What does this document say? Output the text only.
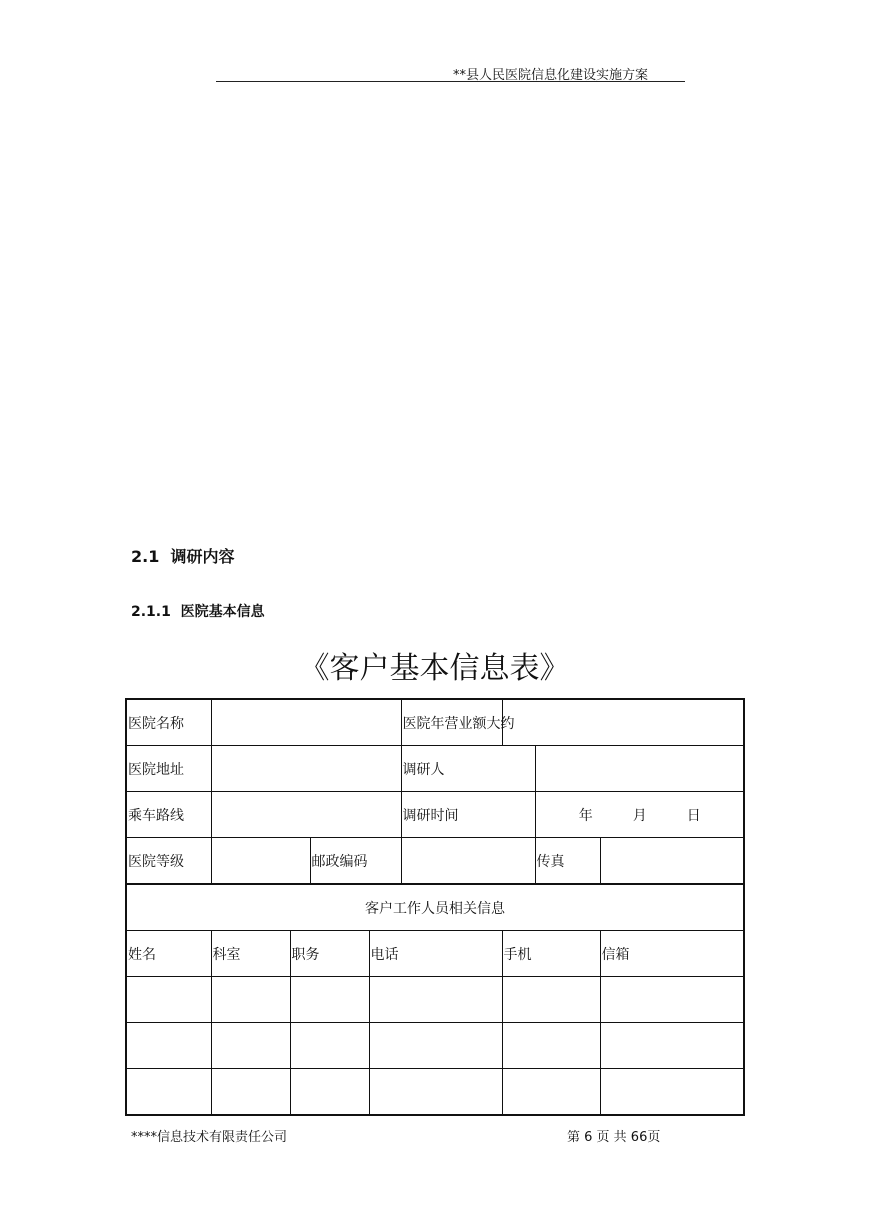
**县人民医院信息化建设实施方案
2.1 调研内容
2.1.1 医院基本信息
《客户基本信息表》
医院名称					医院年营业额大约			
医院地址					调研人			
乘车路线					调研时间		年 月 日	
医院等级			邮政编码				传真	
客户工作人员相关信息								
姓名	科室	职务		电话		手机		信箱

****信息技术有限责任公司	第 6 页 共 66页
